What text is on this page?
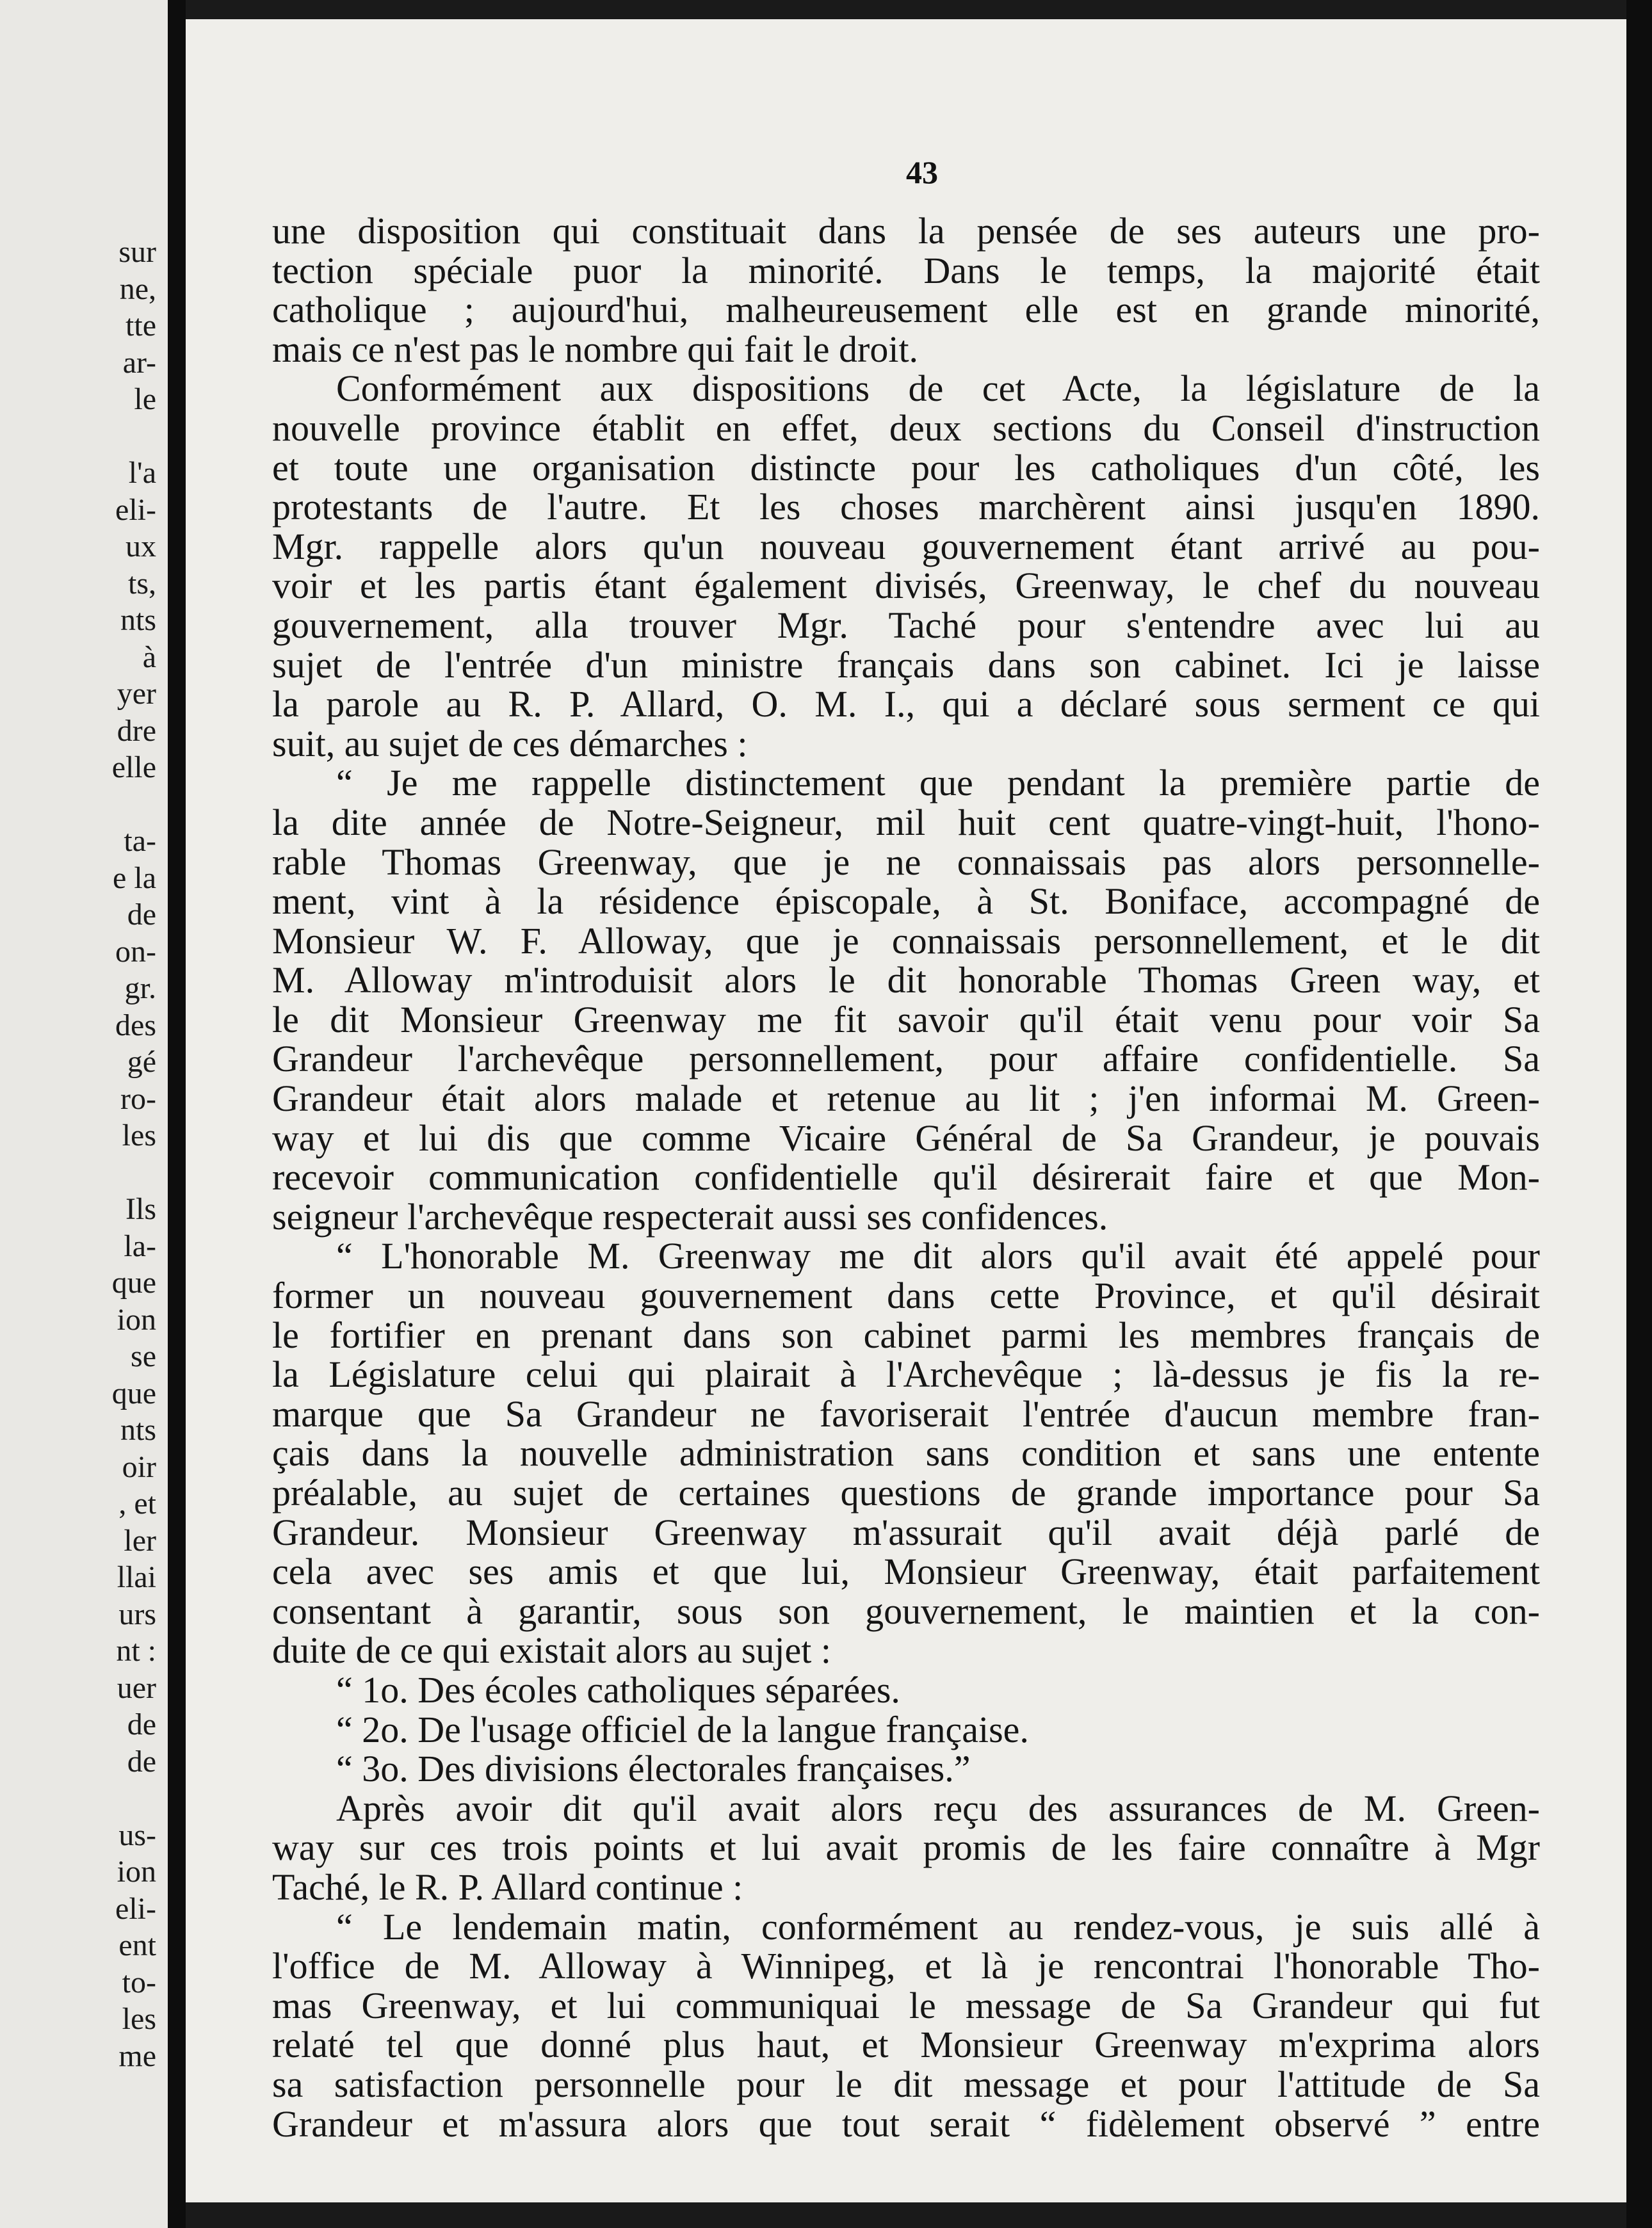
sur
ne,
tte
ar-
le
l'a
eli-
ux
ts,
nts
à
yer
dre
elle
ta-
e la
de
on-
gr.
des
gé
ro-
les
Ils
la-
que
ion
se
que
nts
oir
, et
ler
llai
urs
nt :
uer
de
de
us-
ion
eli-
ent
to-
les
me
43
une disposition qui constituait dans la pensée de ses auteurs une pro-
tection spéciale puor la minorité. Dans le temps, la majorité était
catholique ; aujourd'hui, malheureusement elle est en grande minorité,
mais ce n'est pas le nombre qui fait le droit.
Conformément aux dispositions de cet Acte, la législature de la
nouvelle province établit en effet, deux sections du Conseil d'instruction
et toute une organisation distincte pour les catholiques d'un côté, les
protestants de l'autre. Et les choses marchèrent ainsi jusqu'en 1890.
Mgr. rappelle alors qu'un nouveau gouvernement étant arrivé au pou-
voir et les partis étant également divisés, Greenway, le chef du nouveau
gouvernement, alla trouver Mgr. Taché pour s'entendre avec lui au
sujet de l'entrée d'un ministre français dans son cabinet. Ici je laisse
la parole au R. P. Allard, O. M. I., qui a déclaré sous serment ce qui
suit, au sujet de ces démarches :
“ Je me rappelle distinctement que pendant la première partie de
la dite année de Notre-Seigneur, mil huit cent quatre-vingt-huit, l'hono-
rable Thomas Greenway, que je ne connaissais pas alors personnelle-
ment, vint à la résidence épiscopale, à St. Boniface, accompagné de
Monsieur W. F. Alloway, que je connaissais personnellement, et le dit
M. Alloway m'introduisit alors le dit honorable Thomas Green way, et
le dit Monsieur Greenway me fit savoir qu'il était venu pour voir Sa
Grandeur l'archevêque personnellement, pour affaire confidentielle. Sa
Grandeur était alors malade et retenue au lit ; j'en informai M. Green-
way et lui dis que comme Vicaire Général de Sa Grandeur, je pouvais
recevoir communication confidentielle qu'il désirerait faire et que Mon-
seigneur l'archevêque respecterait aussi ses confidences.
“ L'honorable M. Greenway me dit alors qu'il avait été appelé pour
former un nouveau gouvernement dans cette Province, et qu'il désirait
le fortifier en prenant dans son cabinet parmi les membres français de
la Législature celui qui plairait à l'Archevêque ; là-dessus je fis la re-
marque que Sa Grandeur ne favoriserait l'entrée d'aucun membre fran-
çais dans la nouvelle administration sans condition et sans une entente
préalable, au sujet de certaines questions de grande importance pour Sa
Grandeur. Monsieur Greenway m'assurait qu'il avait déjà parlé de
cela avec ses amis et que lui, Monsieur Greenway, était parfaitement
consentant à garantir, sous son gouvernement, le maintien et la con-
duite de ce qui existait alors au sujet :
“ 1o. Des écoles catholiques séparées.
“ 2o. De l'usage officiel de la langue française.
“ 3o. Des divisions électorales françaises.”
Après avoir dit qu'il avait alors reçu des assurances de M. Green-
way sur ces trois points et lui avait promis de les faire connaître à Mgr
Taché, le R. P. Allard continue :
“ Le lendemain matin, conformément au rendez-vous, je suis allé à
l'office de M. Alloway à Winnipeg, et là je rencontrai l'honorable Tho-
mas Greenway, et lui communiquai le message de Sa Grandeur qui fut
relaté tel que donné plus haut, et Monsieur Greenway m'exprima alors
sa satisfaction personnelle pour le dit message et pour l'attitude de Sa
Grandeur et m'assura alors que tout serait “ fidèlement observé ” entre
